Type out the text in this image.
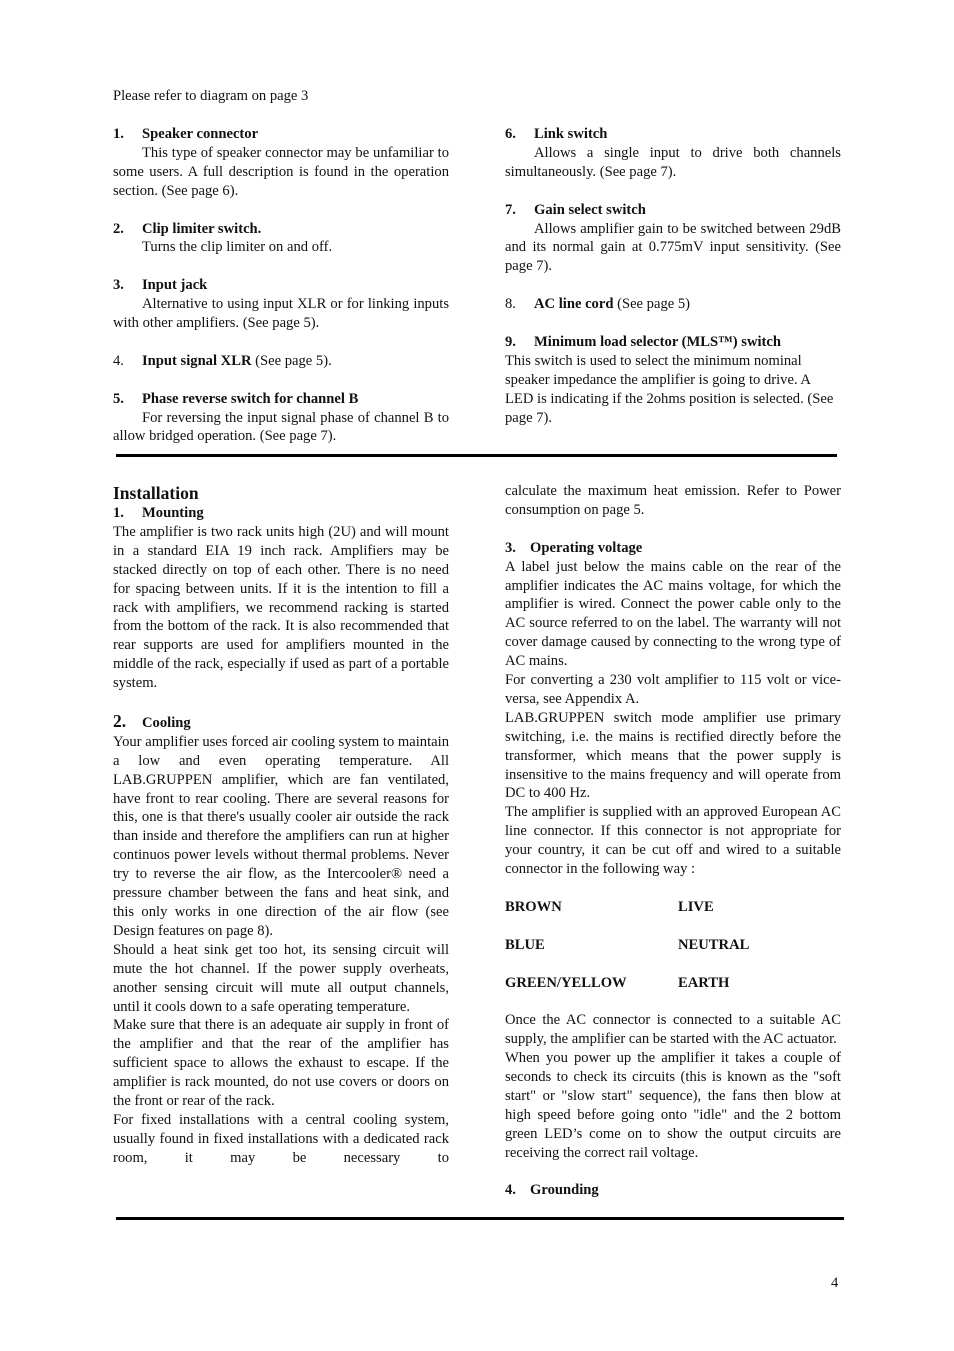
Please refer to diagram on page 3

1. Speaker connector

This type of speaker connector may be unfamiliar to some users. A full description is found in the operation section. (See page 6).

2. Clip limiter switch.

Turns the clip limiter on and off.

3. Input jack

Alternative to using input XLR or for linking inputs with other amplifiers. (See page 5).

4. Input signal XLR (See page 5).

5. Phase reverse switch for channel B

For reversing the input signal phase of channel B to allow bridged operation. (See page 7).

6. Link switch

Allows a single input to drive both channels simultaneously. (See page 7).

7. Gain select switch

Allows amplifier gain to be switched between 29dB and its normal gain at 0.775mV input sensitivity. (See page 7).

8. AC line cord (See page 5)

9. Minimum load selector (MLS™) switch

This switch is used to select the minimum nominal speaker impedance the amplifier is going to drive. A LED is indicating if the 2ohms position is selected. (See page 7).

Installation

1. Mounting

The amplifier is two rack units high (2U) and will mount in a standard EIA 19 inch rack. Amplifiers may be stacked directly on top of each other. There is no need for spacing between units. If it is the intention to fill a rack with amplifiers, we recommend racking is started from the bottom of the rack. It is also recommended that rear supports are used for amplifiers mounted in the middle of the rack, especially if used as part of a portable system.

2. Cooling

Your amplifier uses forced air cooling system to maintain a low and even operating temperature. All LAB.GRUPPEN amplifier, which are fan ventilated, have front to rear cooling. There are several reasons for this, one is that there's usually cooler air outside the rack than inside and therefore the amplifiers can run at higher continuos power levels without thermal problems. Never try to reverse the air flow, as the Intercooler® need a pressure chamber between the fans and heat sink, and this only works in one direction of the air flow (see Design features on page 8).

Should a heat sink get too hot, its sensing circuit will mute the hot channel. If the power supply overheats, another sensing circuit will mute all output channels, until it cools down to a safe operating temperature.

Make sure that there is an adequate air supply in front of the amplifier and that the rear of the amplifier has sufficient space to allows the exhaust to escape. If the amplifier is rack mounted, do not use covers or doors on the front or rear of the rack.

For fixed installations with a central cooling system, usually found in fixed installations with a dedicated rack room, it may be necessary to

calculate the maximum heat emission. Refer to Power consumption on page 5.

3. Operating voltage

A label just below the mains cable on the rear of the amplifier indicates the AC mains voltage, for which the amplifier is wired. Connect the power cable only to the AC source referred to on the label. The warranty will not cover damage caused by connecting to the wrong type of AC mains.

For converting a 230 volt amplifier to 115 volt or vice-versa, see Appendix A.

LAB.GRUPPEN switch mode amplifier use primary switching, i.e. the mains is rectified directly before the transformer, which means that the power supply is insensitive to the mains frequency and will operate from DC to 400 Hz.

The amplifier is supplied with an approved European AC line connector. If this connector is not appropriate for your country, it can be cut off and wired to a suitable connector in the following way :

BROWN	LIVE

BLUE	NEUTRAL

GREEN/YELLOW	EARTH

Once the AC connector is connected to a suitable AC supply, the amplifier can be started with the AC actuator.

When you power up the amplifier it takes a couple of seconds to check its circuits (this is known as the "soft start" or "slow start" sequence), the fans then blow at high speed before going onto "idle" and the 2 bottom green LED’s come on to show the output circuits are receiving the correct rail voltage.

4. Grounding

4
